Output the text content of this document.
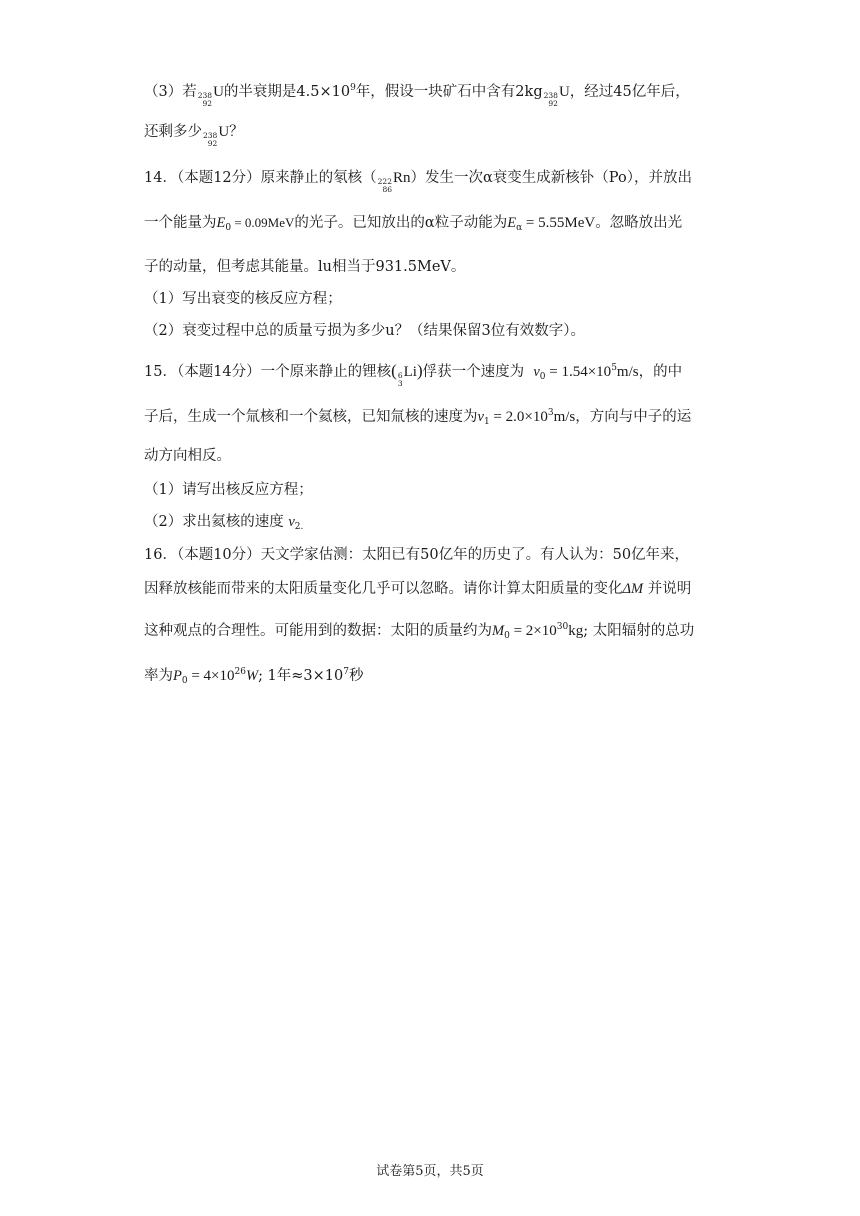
（3）若 238
92
U的半衰期是$4.5\times 10^9$年，假设一块矿石中含有2kg 238
92
U，经过45亿年后，
还剩多少 238
92
U？
14．（本题12分）原来静止的氡核（ 222
86
Rn）发生一次α衰变生成新核钋（Po），并放出
一个能量为$E_0 = 0.09MeV$的光子。已知放出的α粒子动能为$E_\alpha = 5.55MeV$。忽略放出光
子的动量，但考虑其能量。lu相当于931.5MeV。
（1）写出衰变的核反应方程；
（2）衰变过程中总的质量亏损为多少u？（结果保留3位有效数字）。
15．（本题14分）一个原来静止的锂核( 6
3
Li)俘获一个速度为 $v_0 = 1.54\times 10^5m/s$，的中
子后，生成一个氚核和一个氦核，已知氚核的速度为$v_1 = 2.0\times 10^3m/s$，方向与中子的运
动方向相反。
（1）请写出核反应方程；
（2）求出氦核的速度 $v_{2.}$
16．（本题10分）天文学家估测：太阳已有50亿年的历史了。有人认为：50亿年来，
因释放核能而带来的太阳质量变化几乎可以忽略。请你计算太阳质量的变化ΔM 并说明
这种观点的合理性。可能用到的数据：太阳的质量约为$M_0 = 2\times 10^{30}kg$; 太阳辐射的总功
率为$P_0 = 4\times 10^{26}W$; 1年$\approx 3\times 10^7$秒
试卷第5页，共5页
